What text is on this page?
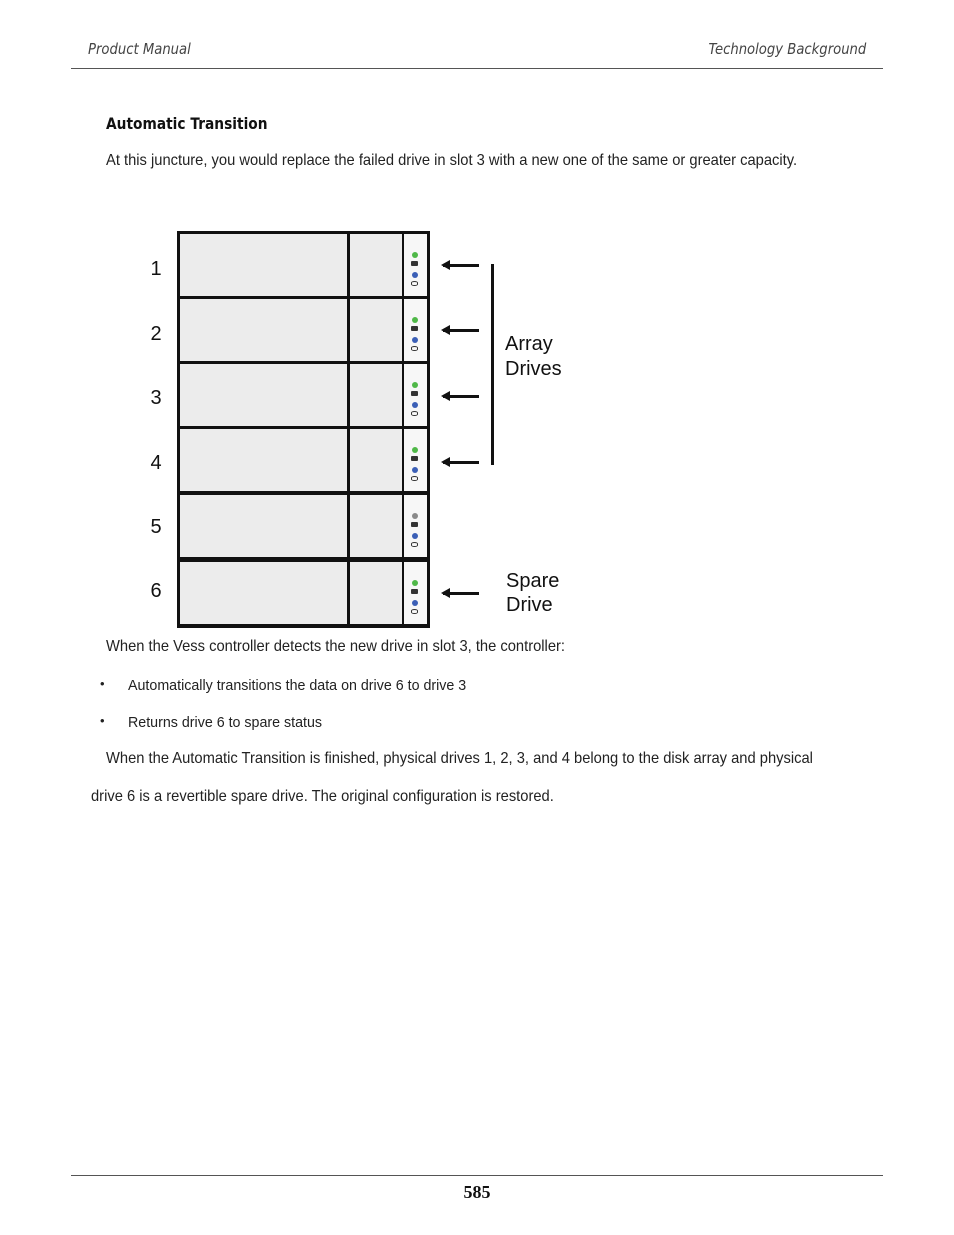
Product Manual	Technology Background
Automatic Transition
At this juncture, you would replace the failed drive in slot 3 with a new one of the same or greater capacity.
1
2
3
4
5
6
Array
Drives
Spare
Drive
When the Vess controller detects the new drive in slot 3, the controller:
• Automatically transitions the data on drive 6 to drive 3
• Returns drive 6 to spare status
When the Automatic Transition is finished, physical drives 1, 2, 3, and 4 belong to the disk array and physical
drive 6 is a revertible spare drive. The original configuration is restored.
585
